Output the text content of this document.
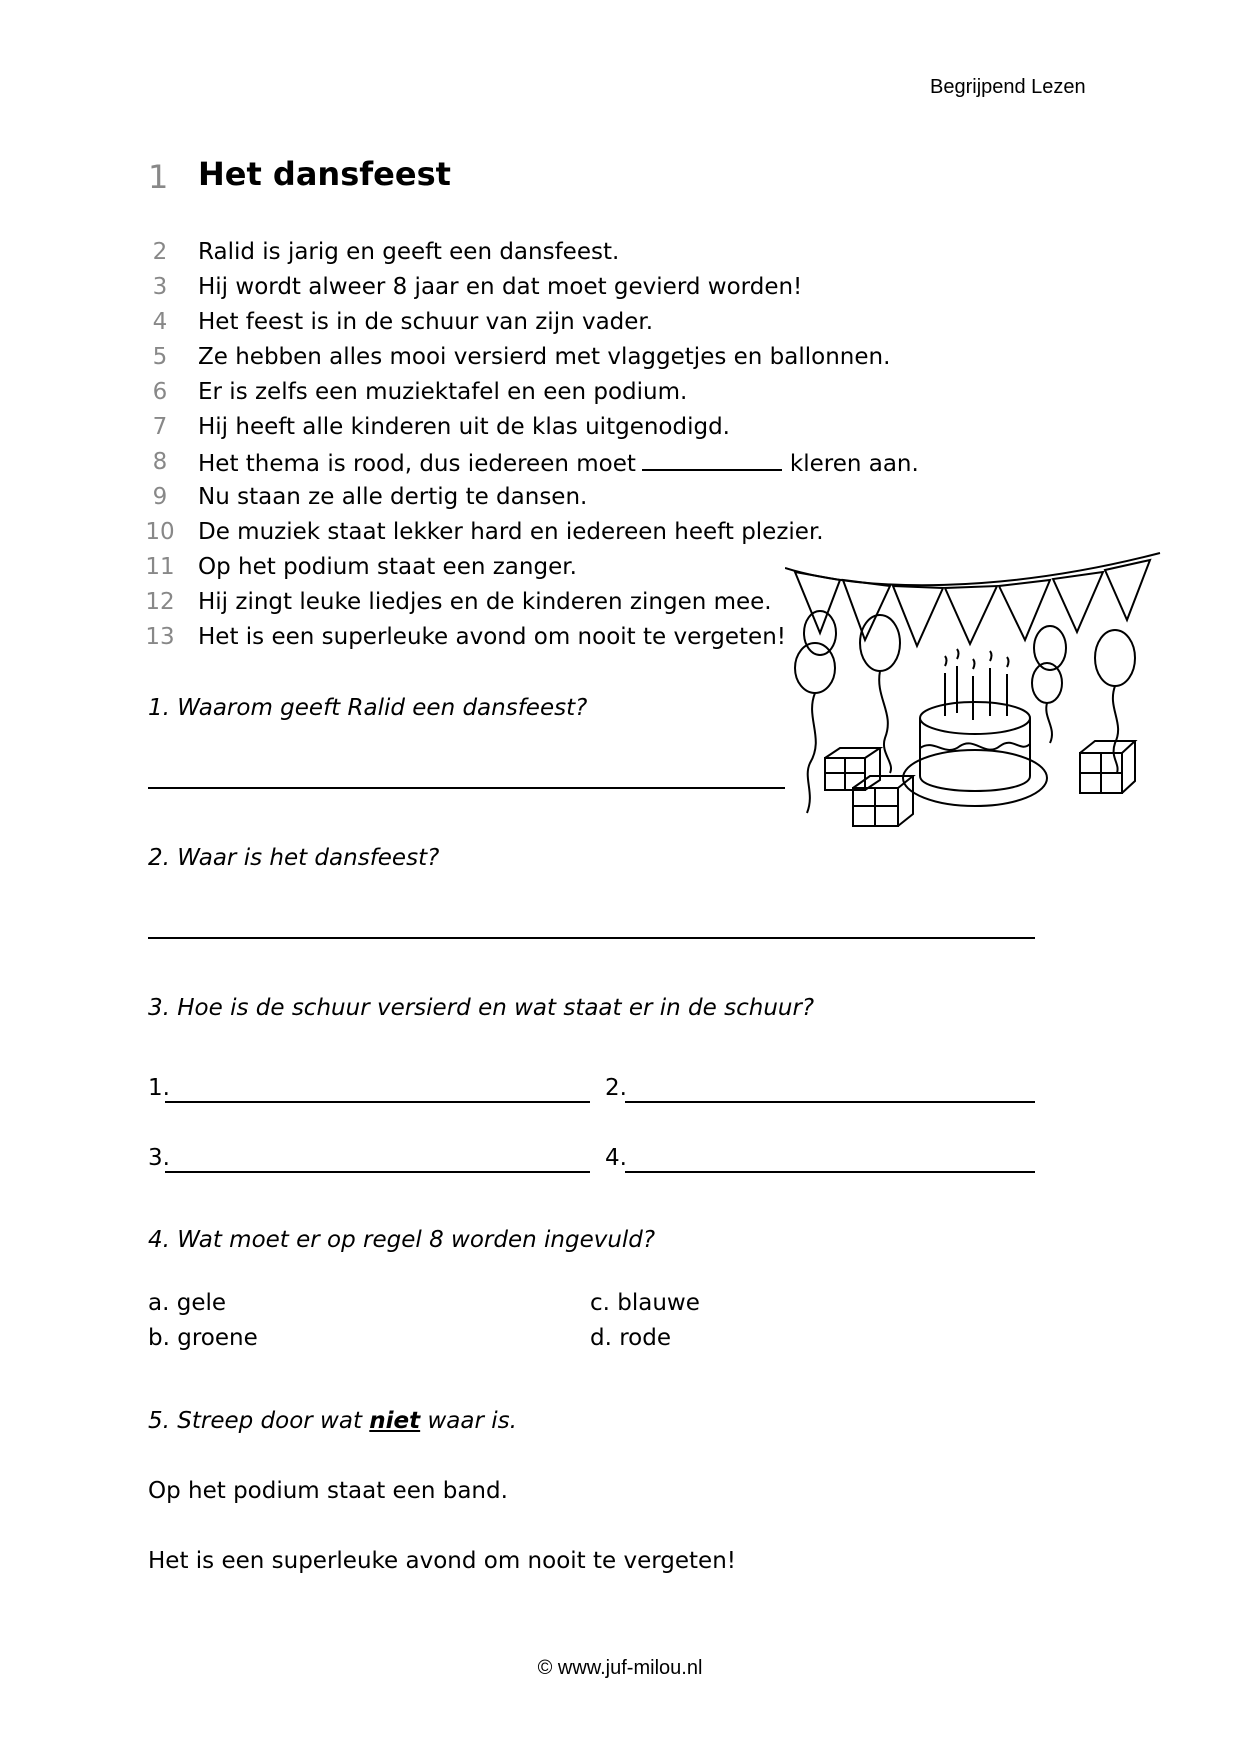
Begrijpend Lezen
1 Het dansfeest
2	Ralid is jarig en geeft een dansfeest.
3	Hij wordt alweer 8 jaar en dat moet gevierd worden!
4	Het feest is in de schuur van zijn vader.
5	Ze hebben alles mooi versierd met vlaggetjes en ballonnen.
6	Er is zelfs een muziektafel en een podium.
7	Hij heeft alle kinderen uit de klas uitgenodigd.
8	Het thema is rood, dus iedereen moet	kleren aan.
9	Nu staan ze alle dertig te dansen.
10 De muziek staat lekker hard en iedereen heeft plezier.
11 Op het podium staat een zanger.
12 Hij zingt leuke liedjes en de kinderen zingen mee.
13 Het is een superleuke avond om nooit te vergeten!
1. Waarom geeft Ralid een dansfeest?
2. Waar is het dansfeest?
3. Hoe is de schuur versierd en wat staat er in de schuur?
1.	2.
3.	4.
4. Wat moet er op regel 8 worden ingevuld?
a. gele
b. groene
c. blauwe
d. rode
5. Streep door wat niet waar is.
Op het podium staat een band.
Het is een superleuke avond om nooit te vergeten!
© www.juf-milou.nl
